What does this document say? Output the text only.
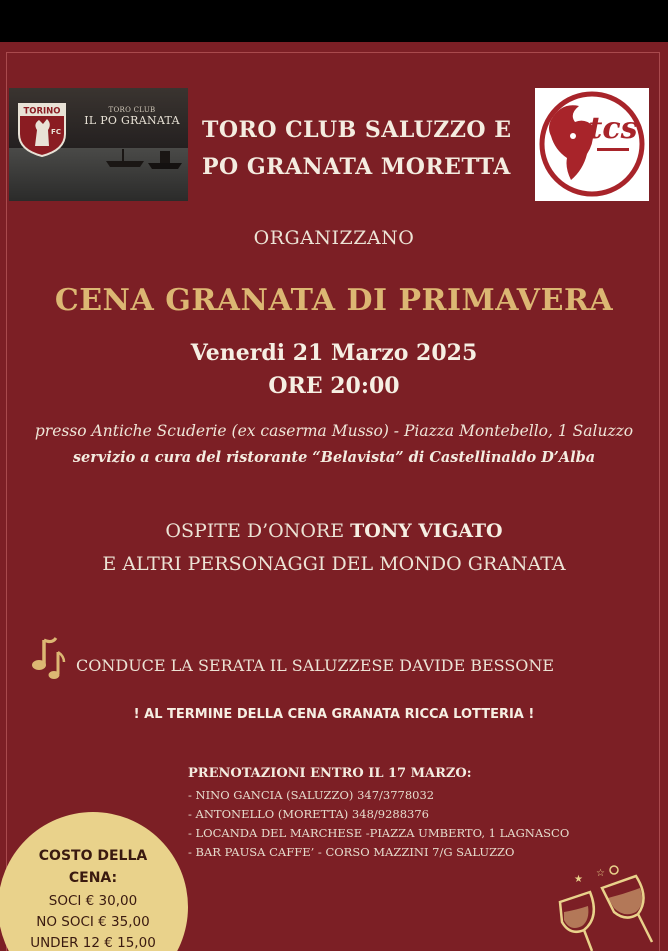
TORINO
FC
TORO CLUB
IL PO GRANATA	tcs
TORO CLUB SALUZZO E
PO GRANATA MORETTA
ORGANIZZANO
CENA GRANATA DI PRIMAVERA
Venerdi 21 Marzo 2025
ORE 20:00
presso Antiche Scuderie (ex caserma Musso) - Piazza Montebello, 1 Saluzzo
servizio a cura del ristorante “Belavista” di Castellinaldo D’Alba
OSPITE D’ONORE TONY VIGATO
E ALTRI PERSONAGGI DEL MONDO GRANATA
CONDUCE LA SERATA IL SALUZZESE DAVIDE BESSONE
! AL TERMINE DELLA CENA GRANATA RICCA LOTTERIA !
PRENOTAZIONI ENTRO IL 17 MARZO:
- NINO GANCIA (SALUZZO) 347/3778032
- ANTONELLO (MORETTA) 348/9288376
- LOCANDA DEL MARCHESE -PIAZZA UMBERTO, 1 LAGNASCO
- BAR PAUSA CAFFE’ - CORSO MAZZINI 7/G SALUZZO
COSTO DELLA
CENA:
SOCI € 30,00
NO SOCI € 35,00
UNDER 12 € 15,00
★
☆
